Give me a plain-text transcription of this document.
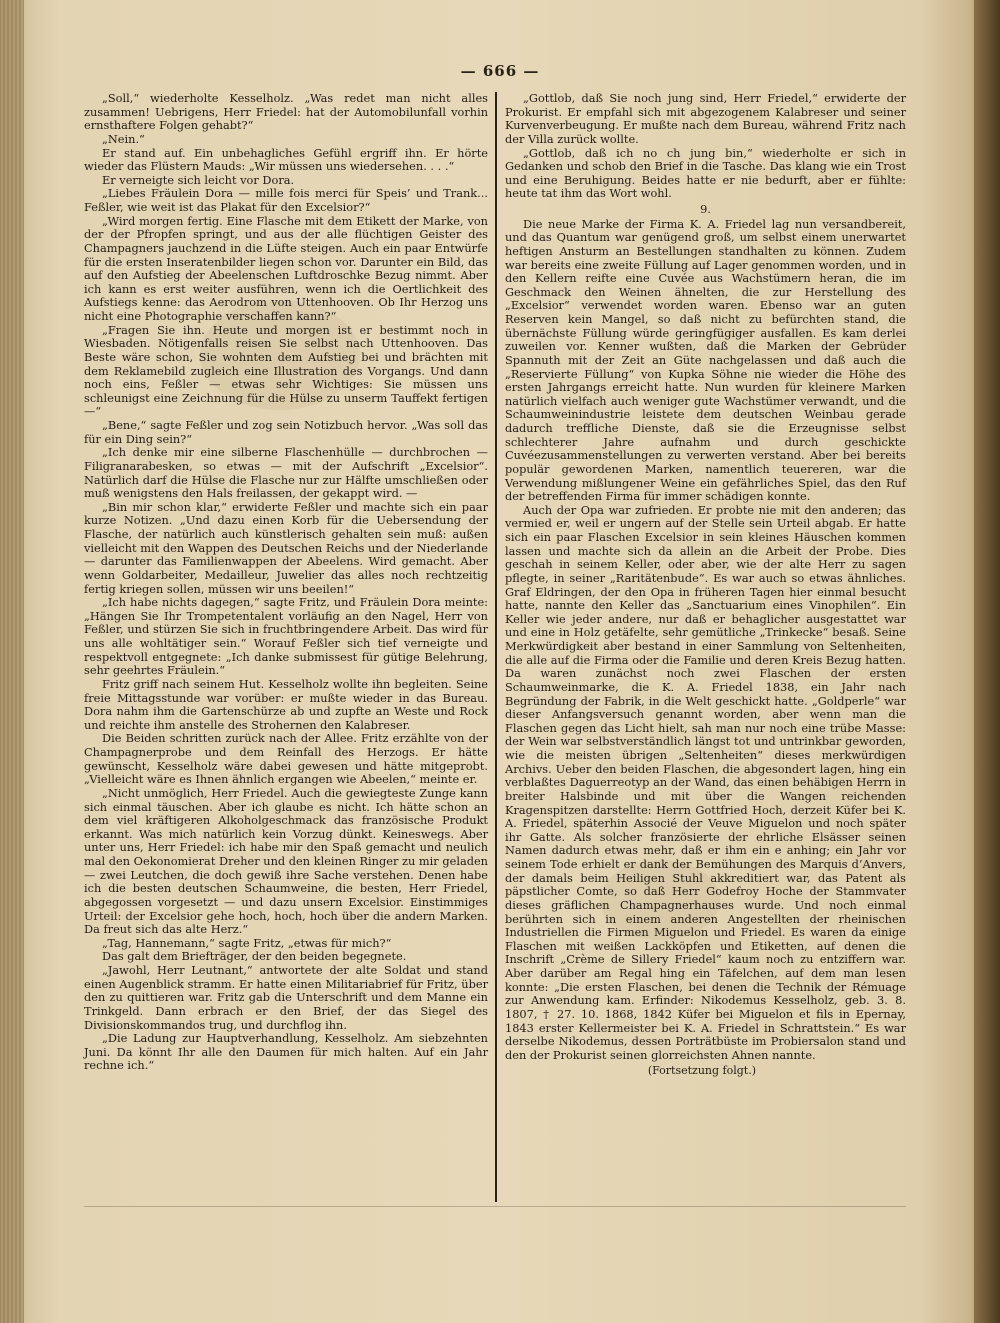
— 666 —

„Soll,“ wiederholte Kesselholz. „Was redet man nicht alles zusammen! Uebrigens, Herr Friedel: hat der Automobilunfall vorhin ernsthaftere Folgen gehabt?“

„Nein.“

Er stand auf. Ein unbehagliches Gefühl ergriff ihn. Er hörte wieder das Flüstern Mauds: „Wir müssen uns wiedersehen. . . .“

Er verneigte sich leicht vor Dora.

„Liebes Fräulein Dora — mille fois merci für Speis’ und Trank... Feßler, wie weit ist das Plakat für den Excelsior?“

„Wird morgen fertig. Eine Flasche mit dem Etikett der Marke, von der der Pfropfen springt, und aus der alle flüchtigen Geister des Champagners jauchzend in die Lüfte steigen. Auch ein paar Entwürfe für die ersten Inseratenbilder liegen schon vor. Darunter ein Bild, das auf den Aufstieg der Abeelenschen Luftdroschke Bezug nimmt. Aber ich kann es erst weiter ausführen, wenn ich die Oertlichkeit des Aufstiegs kenne: das Aerodrom von Uttenhooven. Ob Ihr Herzog uns nicht eine Photographie verschaffen kann?“

„Fragen Sie ihn. Heute und morgen ist er bestimmt noch in Wiesbaden. Nötigenfalls reisen Sie selbst nach Uttenhooven. Das Beste wäre schon, Sie wohnten dem Aufstieg bei und brächten mit dem Reklamebild zugleich eine Illustration des Vorgangs. Und dann noch eins, Feßler — etwas sehr Wichtiges: Sie müssen uns schleunigst eine Zeichnung für die Hülse zu unserm Tauffekt fertigen —“

„Bene,“ sagte Feßler und zog sein Notizbuch hervor. „Was soll das für ein Ding sein?“

„Ich denke mir eine silberne Flaschenhülle — durchbrochen — Filigranarabesken, so etwas — mit der Aufschrift „Excelsior“. Natürlich darf die Hülse die Flasche nur zur Hälfte umschließen oder muß wenigstens den Hals freilassen, der gekappt wird. —

„Bin mir schon klar,“ erwiderte Feßler und machte sich ein paar kurze Notizen. „Und dazu einen Korb für die Uebersendung der Flasche, der natürlich auch künstlerisch gehalten sein muß: außen vielleicht mit den Wappen des Deutschen Reichs und der Niederlande — darunter das Familienwappen der Abeelens. Wird gemacht. Aber wenn Goldarbeiter, Medailleur, Juwelier das alles noch rechtzeitig fertig kriegen sollen, müssen wir uns beeilen!“

„Ich habe nichts dagegen,“ sagte Fritz, und Fräulein Dora meinte: „Hängen Sie Ihr Trompetentalent vorläufig an den Nagel, Herr von Feßler, und stürzen Sie sich in fruchtbringendere Arbeit. Das wird für uns alle wohltätiger sein.“ Worauf Feßler sich tief verneigte und respektvoll entgegnete: „Ich danke submissest für gütige Belehrung, sehr geehrtes Fräulein.“

Fritz griff nach seinem Hut. Kesselholz wollte ihn begleiten. Seine freie Mittagsstunde war vorüber: er mußte wieder in das Bureau. Dora nahm ihm die Gartenschürze ab und zupfte an Weste und Rock und reichte ihm anstelle des Strohernen den Kalabreser.

Die Beiden schritten zurück nach der Allee. Fritz erzählte von der Champagnerprobe und dem Reinfall des Herzogs. Er hätte gewünscht, Kesselholz wäre dabei gewesen und hätte mitgeprobt. „Vielleicht wäre es Ihnen ähnlich ergangen wie Abeelen,“ meinte er.

„Nicht unmöglich, Herr Friedel. Auch die gewiegteste Zunge kann sich einmal täuschen. Aber ich glaube es nicht. Ich hätte schon an dem viel kräftigeren Alkoholgeschmack das französische Produkt erkannt. Was mich natürlich kein Vorzug dünkt. Keineswegs. Aber unter uns, Herr Friedel: ich habe mir den Spaß gemacht und neulich mal den Oekonomierat Dreher und den kleinen Ringer zu mir geladen — zwei Leutchen, die doch gewiß ihre Sache verstehen. Denen habe ich die besten deutschen Schaumweine, die besten, Herr Friedel, abgegossen vorgesetzt — und dazu unsern Excelsior. Einstimmiges Urteil: der Excelsior gehe hoch, hoch, hoch über die andern Marken. Da freut sich das alte Herz.“

„Tag, Hannemann,“ sagte Fritz, „etwas für mich?“

Das galt dem Briefträger, der den beiden begegnete.

„Jawohl, Herr Leutnant,“ antwortete der alte Soldat und stand einen Augenblick stramm. Er hatte einen Militariabrief für Fritz, über den zu quittieren war. Fritz gab die Unterschrift und dem Manne ein Trinkgeld. Dann erbrach er den Brief, der das Siegel des Divisionskommandos trug, und durchflog ihn.

„Die Ladung zur Hauptverhandlung, Kesselholz. Am siebzehnten Juni. Da könnt Ihr alle den Daumen für mich halten. Auf ein Jahr rechne ich.“

„Gottlob, daß Sie noch jung sind, Herr Friedel,“ erwiderte der Prokurist. Er empfahl sich mit abgezogenem Kalabreser und seiner Kurvenverbeugung. Er mußte nach dem Bureau, während Fritz nach der Villa zurück wollte.

„Gottlob, daß ich no ch jung bin,“ wiederholte er sich in Gedanken und schob den Brief in die Tasche. Das klang wie ein Trost und eine Beruhigung. Beides hatte er nie bedurft, aber er fühlte: heute tat ihm das Wort wohl.

9.

Die neue Marke der Firma K. A. Friedel lag nun versandbereit, und das Quantum war genügend groß, um selbst einem unerwartet heftigen Ansturm an Bestellungen standhalten zu können. Zudem war bereits eine zweite Füllung auf Lager genommen worden, und in den Kellern reifte eine Cuvée aus Wachstümern heran, die im Geschmack den Weinen ähnelten, die zur Herstellung des „Excelsior“ verwendet worden waren. Ebenso war an guten Reserven kein Mangel, so daß nicht zu befürchten stand, die übernächste Füllung würde geringfügiger ausfallen. Es kam derlei zuweilen vor. Kenner wußten, daß die Marken der Gebrüder Spannuth mit der Zeit an Güte nachgelassen und daß auch die „Reservierte Füllung“ von Kupka Söhne nie wieder die Höhe des ersten Jahrgangs erreicht hatte. Nun wurden für kleinere Marken natürlich vielfach auch weniger gute Wachstümer verwandt, und die Schaumweinindustrie leistete dem deutschen Weinbau gerade dadurch treffliche Dienste, daß sie die Erzeugnisse selbst schlechterer Jahre aufnahm und durch geschickte Cuvéezusammenstellungen zu verwerten verstand. Aber bei bereits populär gewordenen Marken, namentlich teuereren, war die Verwendung mißlungener Weine ein gefährliches Spiel, das den Ruf der betreffenden Firma für immer schädigen konnte.

Auch der Opa war zufrieden. Er probte nie mit den anderen; das vermied er, weil er ungern auf der Stelle sein Urteil abgab. Er hatte sich ein paar Flaschen Excelsior in sein kleines Häuschen kommen lassen und machte sich da allein an die Arbeit der Probe. Dies geschah in seinem Keller, oder aber, wie der alte Herr zu sagen pflegte, in seiner „Raritätenbude“. Es war auch so etwas ähnliches. Graf Eldringen, der den Opa in früheren Tagen hier einmal besucht hatte, nannte den Keller das „Sanctuarium eines Vinophilen“. Ein Keller wie jeder andere, nur daß er behaglicher ausgestattet war und eine in Holz getäfelte, sehr gemütliche „Trinkecke“ besaß. Seine Merkwürdigkeit aber bestand in einer Sammlung von Seltenheiten, die alle auf die Firma oder die Familie und deren Kreis Bezug hatten. Da waren zunächst noch zwei Flaschen der ersten Schaumweinmarke, die K. A. Friedel 1838, ein Jahr nach Begründung der Fabrik, in die Welt geschickt hatte. „Goldperle“ war dieser Anfangsversuch genannt worden, aber wenn man die Flaschen gegen das Licht hielt, sah man nur noch eine trübe Masse: der Wein war selbstverständlich längst tot und untrinkbar geworden, wie die meisten übrigen „Seltenheiten“ dieses merkwürdigen Archivs. Ueber den beiden Flaschen, die abgesondert lagen, hing ein verblaßtes Daguerreotyp an der Wand, das einen behäbigen Herrn in breiter Halsbinde und mit über die Wangen reichenden Kragenspitzen darstellte: Herrn Gottfried Hoch, derzeit Küfer bei K. A. Friedel, späterhin Associé der Veuve Miguelon und noch später ihr Gatte. Als solcher französierte der ehrliche Elsässer seinen Namen dadurch etwas mehr, daß er ihm ein e anhing; ein Jahr vor seinem Tode erhielt er dank der Bemühungen des Marquis d’Anvers, der damals beim Heiligen Stuhl akkreditiert war, das Patent als päpstlicher Comte, so daß Herr Godefroy Hoche der Stammvater dieses gräflichen Champagnerhauses wurde. Und noch einmal berührten sich in einem anderen Angestellten der rheinischen Industriellen die Firmen Miguelon und Friedel. Es waren da einige Flaschen mit weißen Lackköpfen und Etiketten, auf denen die Inschrift „Crème de Sillery Friedel“ kaum noch zu entziffern war. Aber darüber am Regal hing ein Täfelchen, auf dem man lesen konnte: „Die ersten Flaschen, bei denen die Technik der Rémuage zur Anwendung kam. Erfinder: Nikodemus Kesselholz, geb. 3. 8. 1807, † 27. 10. 1868, 1842 Küfer bei Miguelon et fils in Epernay, 1843 erster Kellermeister bei K. A. Friedel in Schrattstein.“ Es war derselbe Nikodemus, dessen Porträtbüste im Probiersalon stand und den der Prokurist seinen glorreichsten Ahnen nannte.

(Fortsetzung folgt.)
